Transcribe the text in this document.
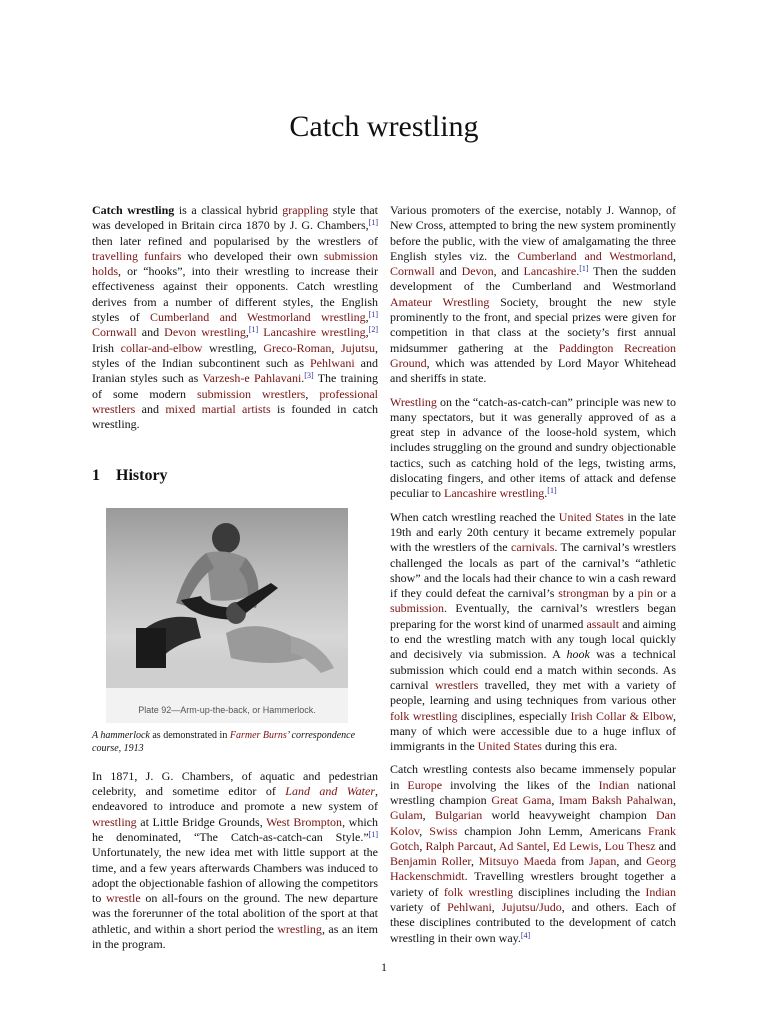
Catch wrestling

Catch wrestling is a classical hybrid grappling style that was developed in Britain circa 1870 by J. G. Chambers,[1] then later refined and popularised by the wrestlers of travelling funfairs who developed their own submission holds, or “hooks”, into their wrestling to increase their effectiveness against their opponents. Catch wrestling derives from a number of different styles, the English styles of Cumberland and Westmorland wrestling,[1] Cornwall and Devon wrestling,[1] Lancashire wrestling,[2] Irish collar-and-elbow wrestling, Greco-Roman, Jujutsu, styles of the Indian subcontinent such as Pehlwani and Iranian styles such as Varzesh-e Pahlavani.[3] The training of some modern submission wrestlers, professional wrestlers and mixed martial artists is founded in catch wrestling.

1 History
Plate 92—Arm-up-the-back, or Hammerlock.
A hammerlock as demonstrated in Farmer Burns’ correspondence course, 1913

In 1871, J. G. Chambers, of aquatic and pedestrian celebrity, and sometime editor of Land and Water, endeavored to introduce and promote a new system of wrestling at Little Bridge Grounds, West Brompton, which he denominated, “The Catch-as-catch-can Style.”[1] Unfortunately, the new idea met with little support at the time, and a few years afterwards Chambers was induced to adopt the objectionable fashion of allowing the competitors to wrestle on all-fours on the ground. The new departure was the forerunner of the total abolition of the sport at that athletic, and within a short period the wrestling, as an item in the program.

Various promoters of the exercise, notably J. Wannop, of New Cross, attempted to bring the new system prominently before the public, with the view of amalgamating the three English styles viz. the Cumberland and Westmorland, Cornwall and Devon, and Lancashire.[1] Then the sudden development of the Cumberland and Westmorland Amateur Wrestling Society, brought the new style prominently to the front, and special prizes were given for competition in that class at the society’s first annual midsummer gathering at the Paddington Recreation Ground, which was attended by Lord Mayor Whitehead and sheriffs in state.

Wrestling on the “catch-as-catch-can” principle was new to many spectators, but it was generally approved of as a great step in advance of the loose-hold system, which includes struggling on the ground and sundry objectionable tactics, such as catching hold of the legs, twisting arms, dislocating fingers, and other items of attack and defense peculiar to Lancashire wrestling.[1]

When catch wrestling reached the United States in the late 19th and early 20th century it became extremely popular with the wrestlers of the carnivals. The carnival’s wrestlers challenged the locals as part of the carnival’s “athletic show” and the locals had their chance to win a cash reward if they could defeat the carnival’s strongman by a pin or a submission. Eventually, the carnival’s wrestlers began preparing for the worst kind of unarmed assault and aiming to end the wrestling match with any tough local quickly and decisively via submission. A hook was a technical submission which could end a match within seconds. As carnival wrestlers travelled, they met with a variety of people, learning and using techniques from various other folk wrestling disciplines, especially Irish Collar & Elbow, many of which were accessible due to a huge influx of immigrants in the United States during this era.

Catch wrestling contests also became immensely popular in Europe involving the likes of the Indian national wrestling champion Great Gama, Imam Baksh Pahalwan, Gulam, Bulgarian world heavyweight champion Dan Kolov, Swiss champion John Lemm, Americans Frank Gotch, Ralph Parcaut, Ad Santel, Ed Lewis, Lou Thesz and Benjamin Roller, Mitsuyo Maeda from Japan, and Georg Hackenschmidt. Travelling wrestlers brought together a variety of folk wrestling disciplines including the Indian variety of Pehlwani, Jujutsu/Judo, and others. Each of these disciplines contributed to the development of catch wrestling in their own way.[4]

1
